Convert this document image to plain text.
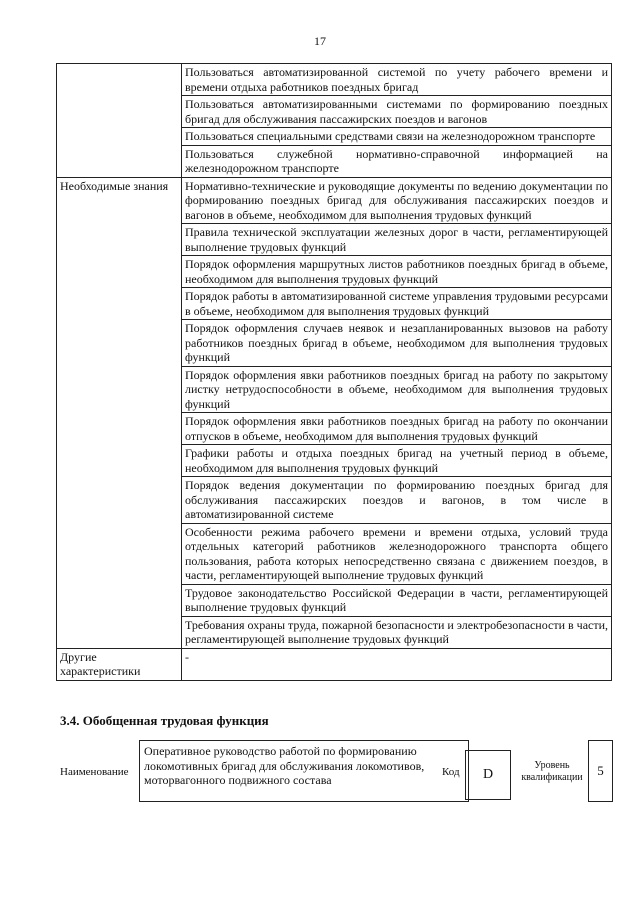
17
	Пользоваться автоматизированной системой по учету рабочего времени и времени отдыха работников поездных бригад
	Пользоваться автоматизированными системами по формированию поездных бригад для обслуживания пассажирских поездов и вагонов
	Пользоваться специальными средствами связи на железнодорожном транспорте
	Пользоваться служебной нормативно-справочной информацией на железнодорожном транспорте
Необходимые знания	Нормативно-технические и руководящие документы по ведению документации по формированию поездных бригад для обслуживания пассажирских поездов и вагонов в объеме, необходимом для выполнения трудовых функций
	Правила технической эксплуатации железных дорог в части, регламентирующей выполнение трудовых функций
	Порядок оформления маршрутных листов работников поездных бригад в объеме, необходимом для выполнения трудовых функций
	Порядок работы в автоматизированной системе управления трудовыми ресурсами в объеме, необходимом для выполнения трудовых функций
	Порядок оформления случаев неявок и незапланированных вызовов на работу работников поездных бригад в объеме, необходимом для выполнения трудовых функций
	Порядок оформления явки работников поездных бригад на работу по закрытому листку нетрудоспособности в объеме, необходимом для выполнения трудовых функций
	Порядок оформления явки работников поездных бригад на работу по окончании отпусков в объеме, необходимом для выполнения трудовых функций
	Графики работы и отдыха поездных бригад на учетный период в объеме, необходимом для выполнения трудовых функций
	Порядок ведения документации по формированию поездных бригад для обслуживания пассажирских поездов и вагонов, в том числе в автоматизированной системе
	Особенности режима рабочего времени и времени отдыха, условий труда отдельных категорий работников железнодорожного транспорта общего пользования, работа которых непосредственно связана с движением поездов, в части, регламентирующей выполнение трудовых функций
	Трудовое законодательство Российской Федерации в части, регламентирующей выполнение трудовых функций
	Требования охраны труда, пожарной безопасности и электробезопасности в части, регламентирующей выполнение трудовых функций
Другие характеристики	-
3.4. Обобщенная трудовая функция
Наименование
Оперативное руководство работой по формированию локомотивных бригад для обслуживания локомотивов, моторвагонного подвижного состава
Код	D
Уровень квалификации	5
